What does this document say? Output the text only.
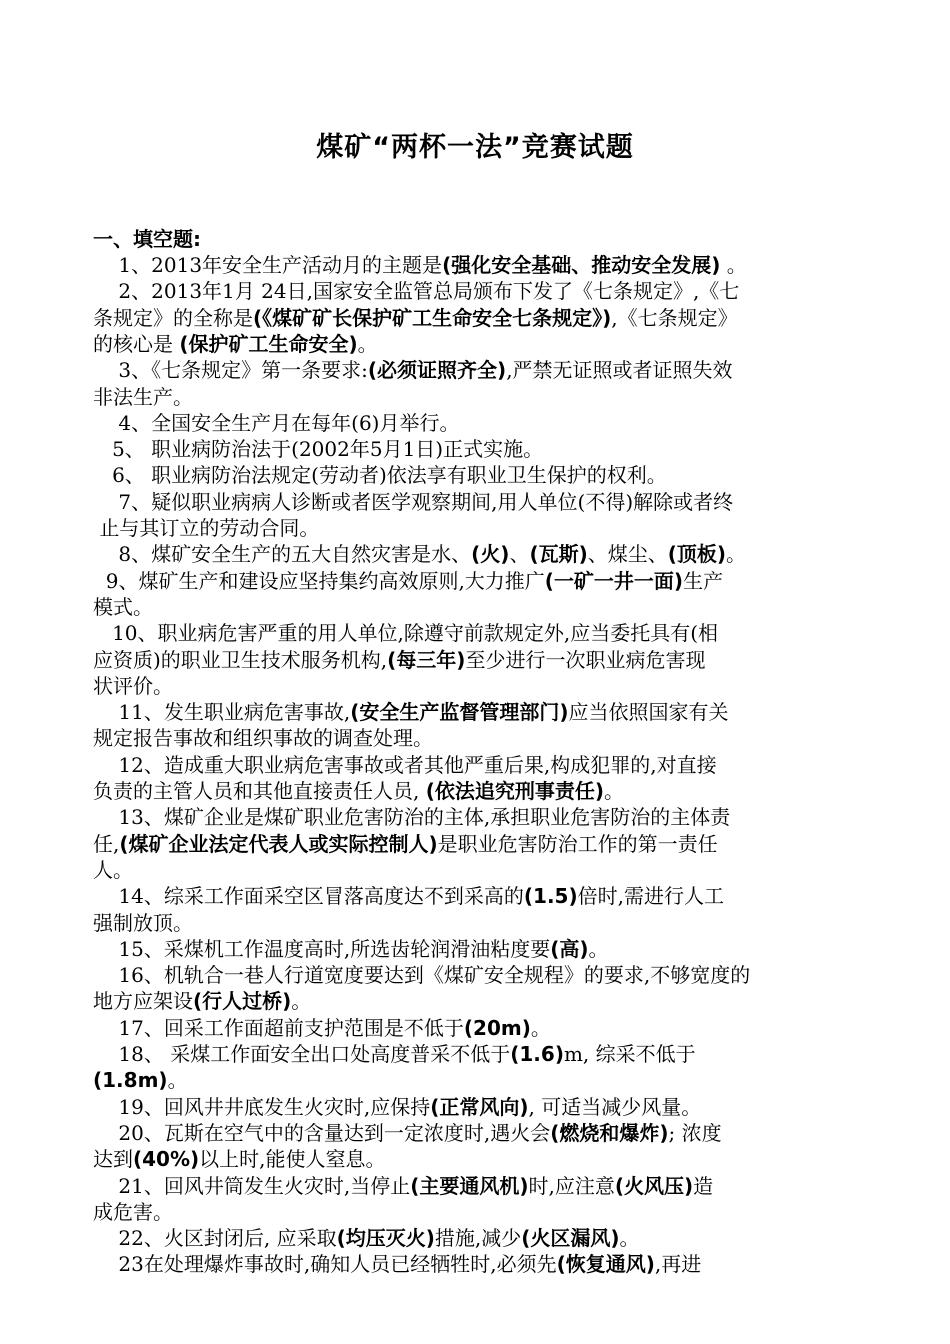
煤矿“两杯一法”竞赛试题
一、填空题:
1、2013年安全生产活动月的主题是(强化安全基础、推动安全发展) 。
2、2013年1月 24日,国家安全监管总局颁布下发了《七条规定》,《七
条规定》的全称是(《煤矿矿长保护矿工生命安全七条规定》),《七条规定》
的核心是 (保护矿工生命安全)。
3、《七条规定》第一条要求:(必须证照齐全),严禁无证照或者证照失效
非法生产。
4、全国安全生产月在每年(6)月举行。
5、 职业病防治法于(2002年5月1日)正式实施。
6、 职业病防治法规定(劳动者)依法享有职业卫生保护的权利。
7、疑似职业病病人诊断或者医学观察期间,用人单位(不得)解除或者终
止与其订立的劳动合同。
8、煤矿安全生产的五大自然灾害是水、(火)、(瓦斯)、煤尘、(顶板)。
9、煤矿生产和建设应坚持集约高效原则,大力推广(一矿一井一面)生产
模式。
10、职业病危害严重的用人单位,除遵守前款规定外,应当委托具有(相
应资质)的职业卫生技术服务机构,(每三年)至少进行一次职业病危害现
状评价。
11、发生职业病危害事故,(安全生产监督管理部门)应当依照国家有关
规定报告事故和组织事故的调查处理。
12、造成重大职业病危害事故或者其他严重后果,构成犯罪的,对直接
负责的主管人员和其他直接责任人员, (依法追究刑事责任)。
13、煤矿企业是煤矿职业危害防治的主体,承担职业危害防治的主体责
任,(煤矿企业法定代表人或实际控制人)是职业危害防治工作的第一责任
人。
14、综采工作面采空区冒落高度达不到采高的(1.5)倍时,需进行人工
强制放顶。
15、采煤机工作温度高时,所选齿轮润滑油粘度要(高)。
16、机轨合一巷人行道宽度要达到《煤矿安全规程》的要求,不够宽度的
地方应架设(行人过桥)。
17、回采工作面超前支护范围是不低于(20m)。
18、 采煤工作面安全出口处高度普采不低于(1.6)m, 综采不低于
(1.8m)。
19、回风井井底发生火灾时,应保持(正常风向), 可适当减少风量。
20、瓦斯在空气中的含量达到一定浓度时,遇火会(燃烧和爆炸); 浓度
达到(40%)以上时,能使人窒息。
21、回风井筒发生火灾时,当停止(主要通风机)时,应注意(火风压)造
成危害。
22、火区封闭后, 应采取(均压灭火)措施,减少(火区漏风)。
23在处理爆炸事故时,确知人员已经牺牲时,必须先(恢复通风),再进
